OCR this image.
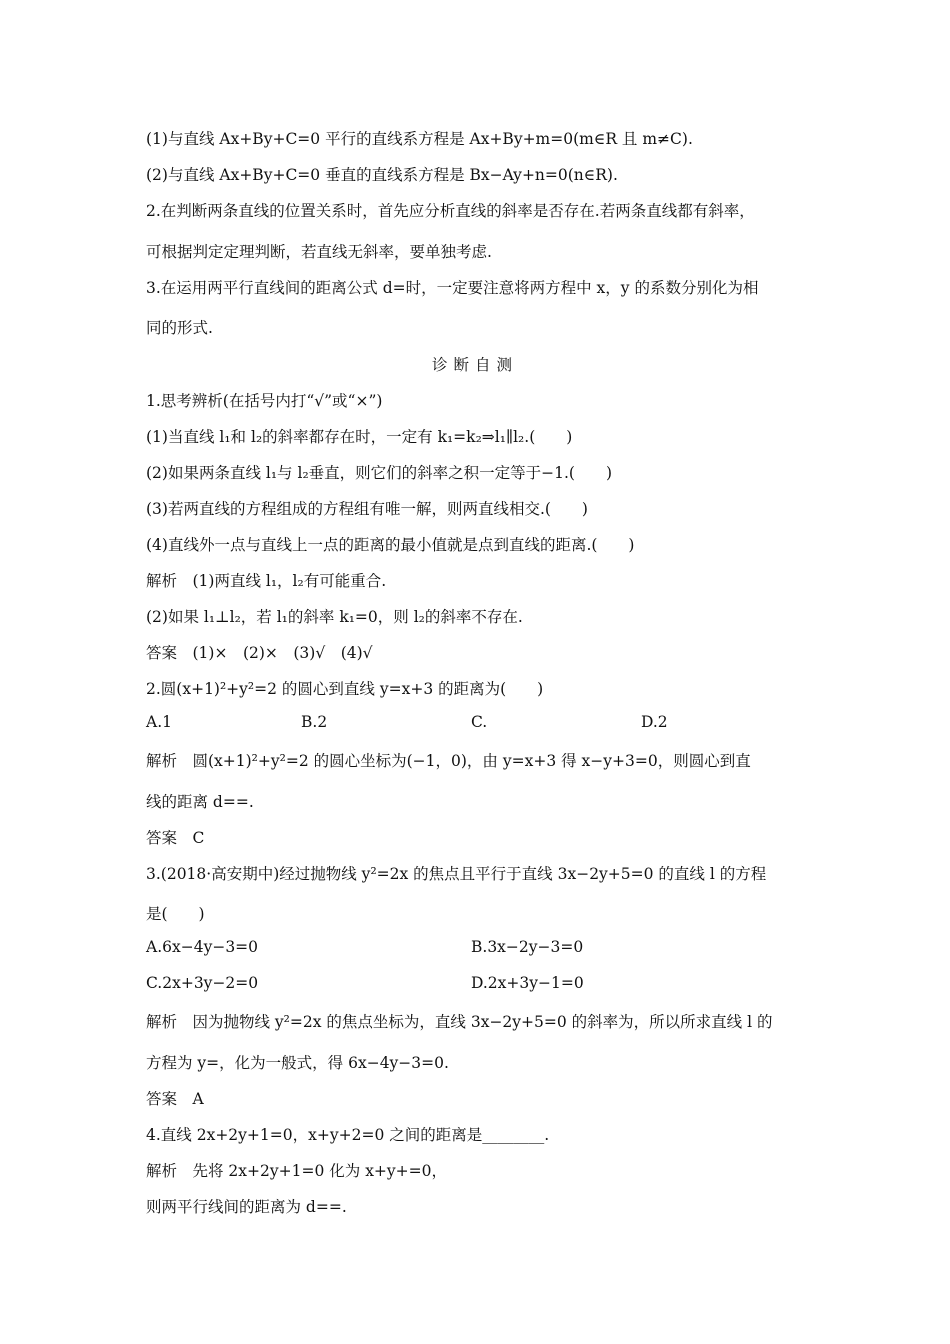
(1)与直线 Ax+By+C=0 平行的直线系方程是 Ax+By+m=0(m∈R 且 m≠C).
(2)与直线 Ax+By+C=0 垂直的直线系方程是 Bx−Ay+n=0(n∈R).
2.在判断两条直线的位置关系时，首先应分析直线的斜率是否存在.若两条直线都有斜率，
可根据判定定理判断，若直线无斜率，要单独考虑.
3.在运用两平行直线间的距离公式 d=时，一定要注意将两方程中 x，y 的系数分别化为相
同的形式.
诊断自测
1.思考辨析(在括号内打“√”或“×”)
(1)当直线 l₁和 l₂的斜率都存在时，一定有 k₁=k₂⇒l₁∥l₂.(　　)
(2)如果两条直线 l₁与 l₂垂直，则它们的斜率之积一定等于−1.(　　)
(3)若两直线的方程组成的方程组有唯一解，则两直线相交.(　　)
(4)直线外一点与直线上一点的距离的最小值就是点到直线的距离.(　　)
解析　(1)两直线 l₁，l₂有可能重合.
(2)如果 l₁⊥l₂，若 l₁的斜率 k₁=0，则 l₂的斜率不存在.
答案　(1)×　(2)×　(3)√　(4)√
2.圆(x+1)²+y²=2 的圆心到直线 y=x+3 的距离为(　　)
A.1	B.2	C.	D.2
解析　圆(x+1)²+y²=2 的圆心坐标为(−1，0)，由 y=x+3 得 x−y+3=0，则圆心到直
线的距离 d==.
答案　C
3.(2018·高安期中)经过抛物线 y²=2x 的焦点且平行于直线 3x−2y+5=0 的直线 l 的方程
是(　　)
A.6x−4y−3=0	B.3x−2y−3=0
C.2x+3y−2=0	D.2x+3y−1=0
解析　因为抛物线 y²=2x 的焦点坐标为，直线 3x−2y+5=0 的斜率为，所以所求直线 l 的
方程为 y=，化为一般式，得 6x−4y−3=0.
答案　A
4.直线 2x+2y+1=0，x+y+2=0 之间的距离是________.
解析　先将 2x+2y+1=0 化为 x+y+=0，
则两平行线间的距离为 d==.
